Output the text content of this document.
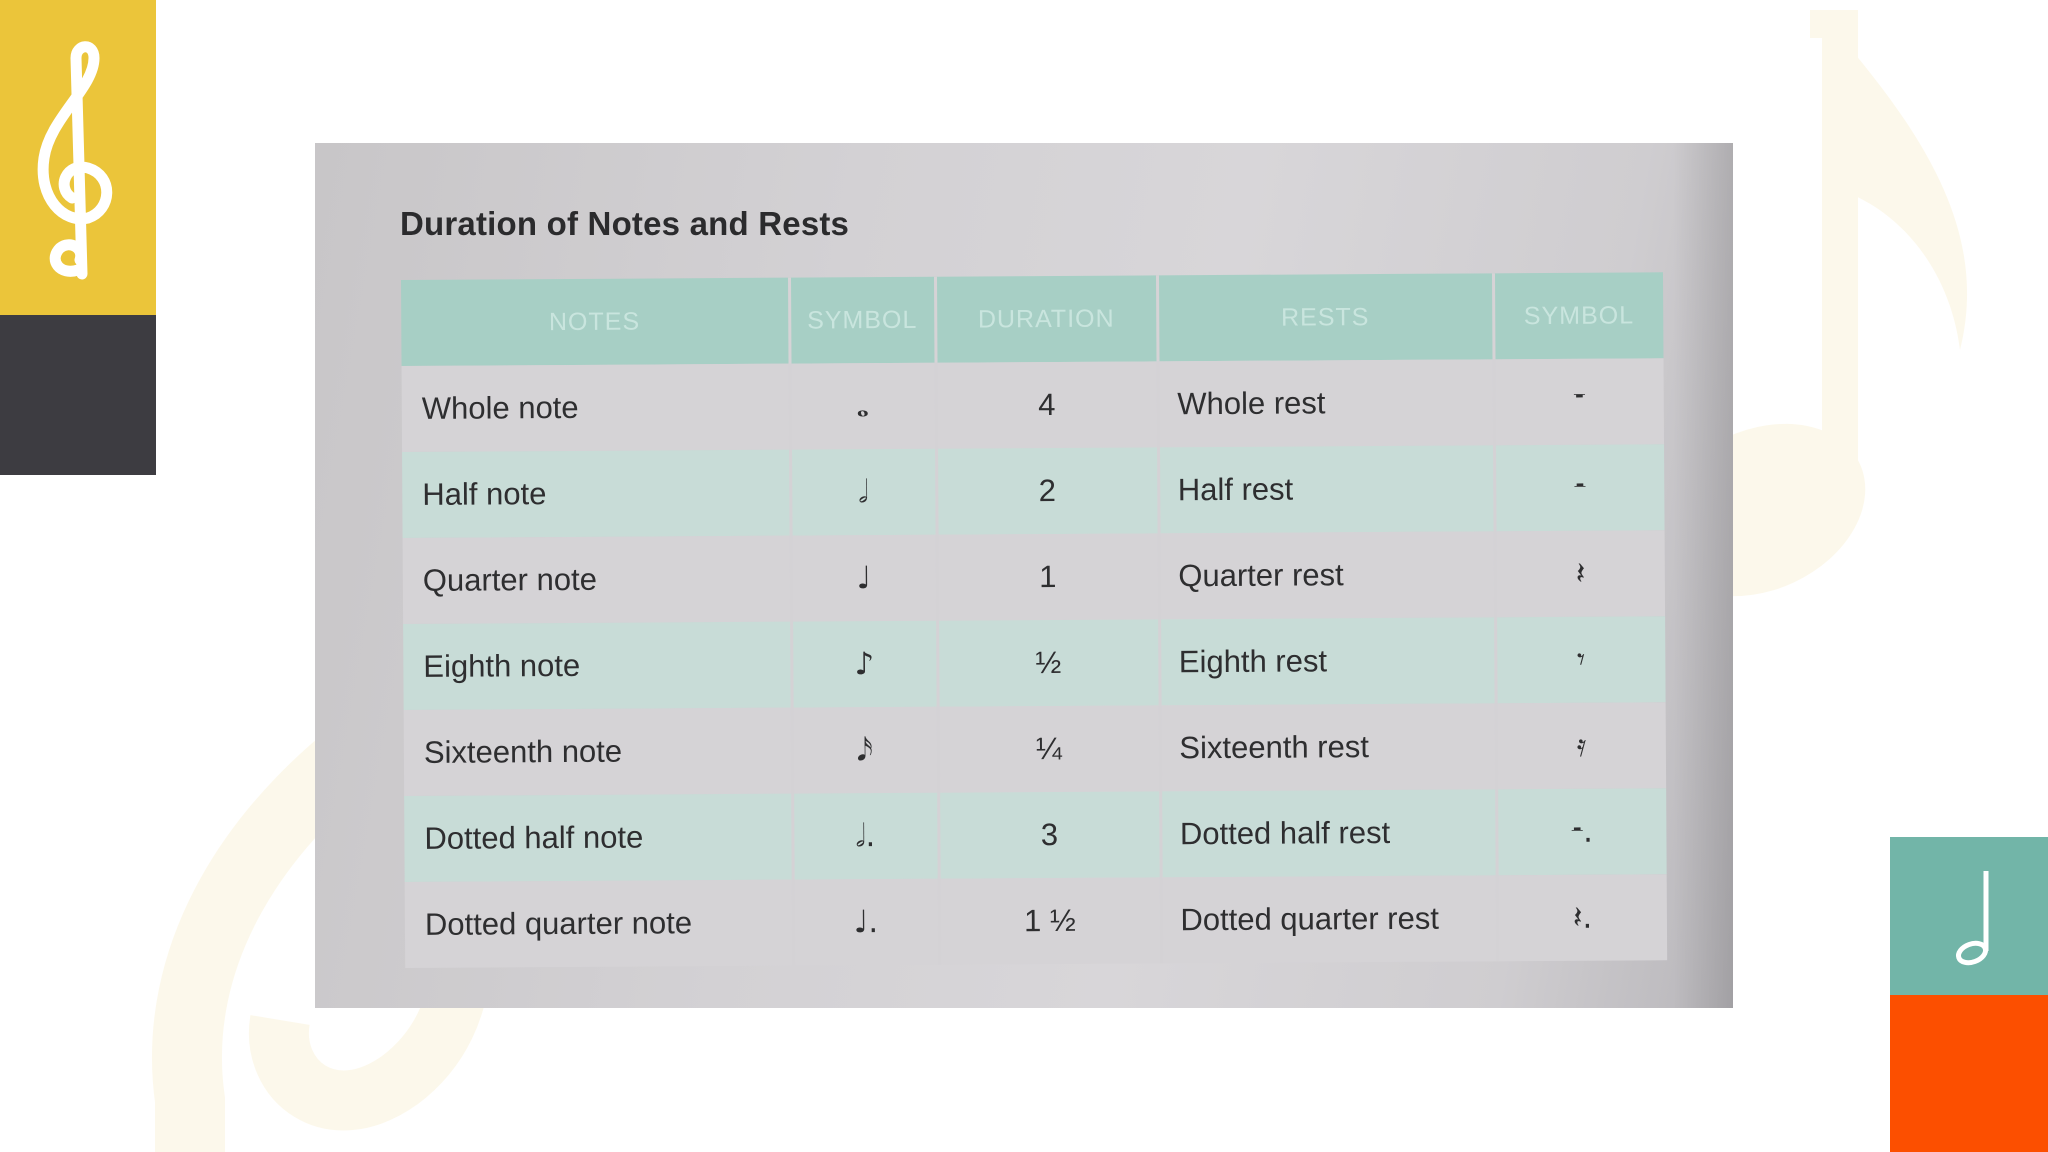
Duration of Notes and Rests
NOTES	SYMBOL	DURATION	RESTS	SYMBOL
Whole note	𝅝	4	Whole rest	𝄻
Half note	𝅗𝅥	2	Half rest	𝄼
Quarter note	♩	1	Quarter rest	𝄽
Eighth note	♪	½	Eighth rest	𝄾
Sixteenth note	𝅘𝅥𝅯	¼	Sixteenth rest	𝄿
Dotted half note	𝅗𝅥.	3	Dotted half rest	𝄼.
Dotted quarter note	♩.	1 ½	Dotted quarter rest	𝄽.
